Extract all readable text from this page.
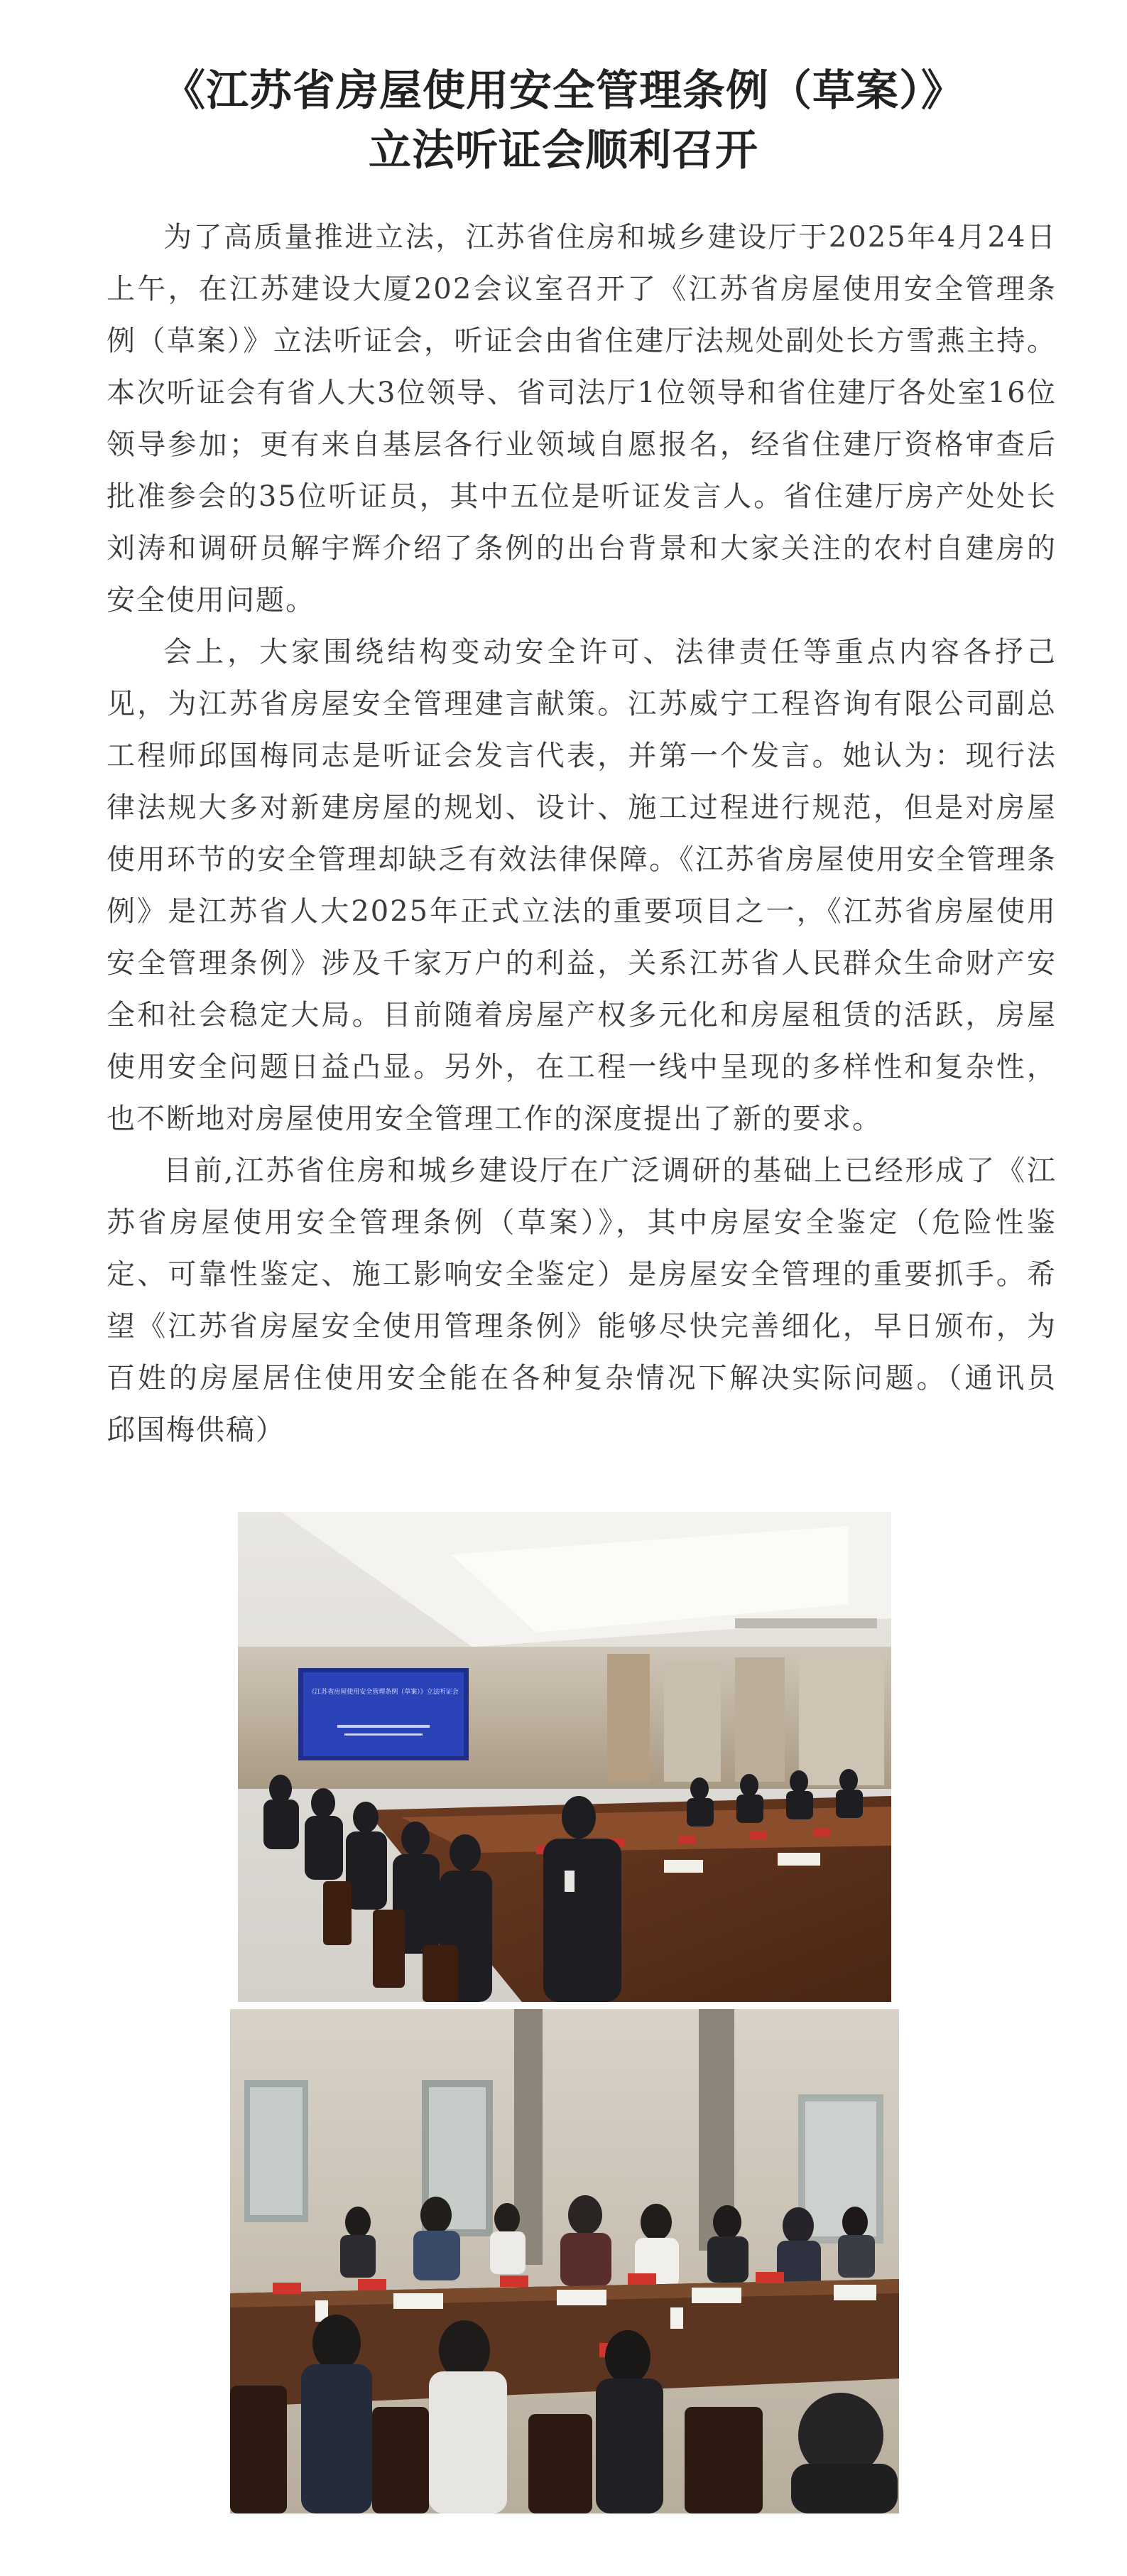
《江苏省房屋使用安全管理条例（草案）》
立法听证会顺利召开

为了高质量推进立法，江苏省住房和城乡建设厅于2025年4月24日上午，在江苏建设大厦202会议室召开了《江苏省房屋使用安全管理条例（草案）》立法听证会，听证会由省住建厅法规处副处长方雪燕主持。本次听证会有省人大3位领导、省司法厅1位领导和省住建厅各处室16位领导参加；更有来自基层各行业领域自愿报名，经省住建厅资格审查后批准参会的35位听证员，其中五位是听证发言人。省住建厅房产处处长刘涛和调研员解宇辉介绍了条例的出台背景和大家关注的农村自建房的安全使用问题。

会上，大家围绕结构变动安全许可、法律责任等重点内容各抒己见，为江苏省房屋安全管理建言献策。江苏威宁工程咨询有限公司副总工程师邱国梅同志是听证会发言代表，并第一个发言。她认为：现行法律法规大多对新建房屋的规划、设计、施工过程进行规范，但是对房屋使用环节的安全管理却缺乏有效法律保障。《江苏省房屋使用安全管理条例》是江苏省人大2025年正式立法的重要项目之一，《江苏省房屋使用安全管理条例》涉及千家万户的利益，关系江苏省人民群众生命财产安全和社会稳定大局。目前随着房屋产权多元化和房屋租赁的活跃，房屋使用安全问题日益凸显。另外，在工程一线中呈现的多样性和复杂性，也不断地对房屋使用安全管理工作的深度提出了新的要求。

目前,江苏省住房和城乡建设厅在广泛调研的基础上已经形成了《江苏省房屋使用安全管理条例（草案）》，其中房屋安全鉴定（危险性鉴定、可靠性鉴定、施工影响安全鉴定）是房屋安全管理的重要抓手。希望《江苏省房屋安全使用管理条例》能够尽快完善细化，早日颁布，为百姓的房屋居住使用安全能在各种复杂情况下解决实际问题。（通讯员 邱国梅供稿）

《江苏省房屋使用安全管理条例（草案）》立法听证会
